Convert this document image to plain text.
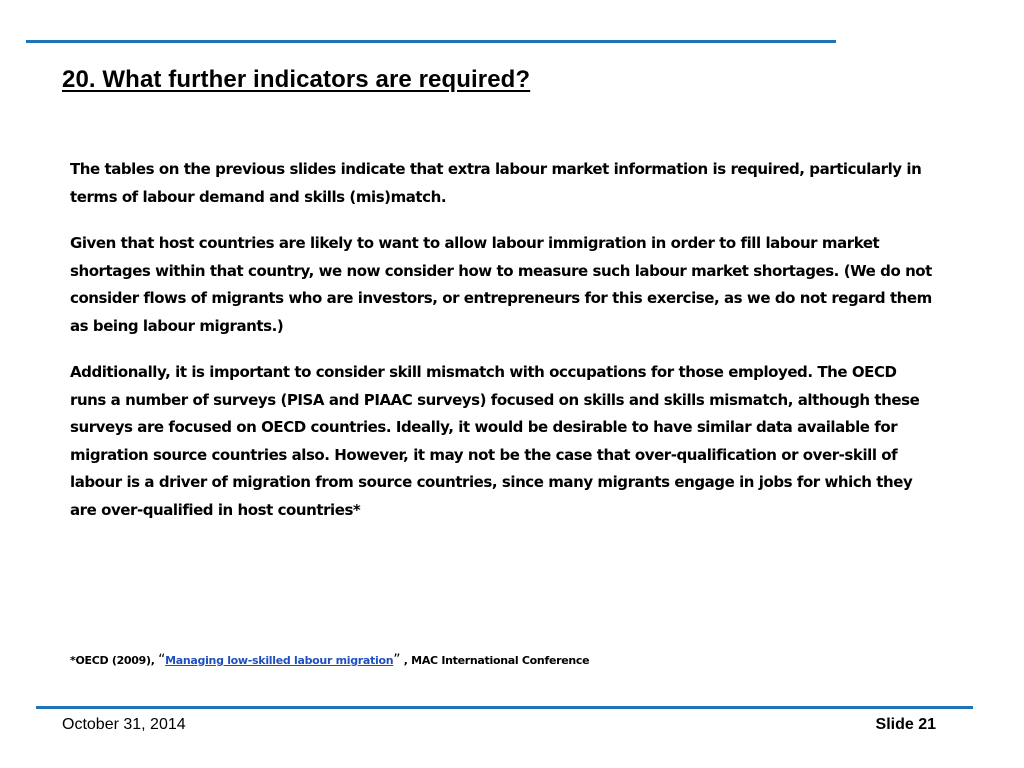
20. What further indicators are required?

The tables on the previous slides indicate that extra labour market information is required, particularly in terms of labour demand and skills (mis)match.

Given that host countries are likely to want to allow labour immigration in order to fill labour market shortages within that country, we now consider how to measure such labour market shortages. (We do not consider flows of migrants who are investors, or entrepreneurs for this exercise, as we do not regard them as being labour migrants.)

Additionally, it is important to consider skill mismatch with occupations for those employed. The OECD runs a number of surveys (PISA and PIAAC surveys) focused on skills and skills mismatch, although these surveys are focused on OECD countries. Ideally, it would be desirable to have similar data available for migration source countries also. However, it may not be the case that over-qualification or over-skill of labour is a driver of migration from source countries, since many migrants engage in jobs for which they are over-qualified in host countries*

*OECD (2009), “Managing low-skilled labour migration” , MAC International Conference
October 31, 2014	Slide 21
